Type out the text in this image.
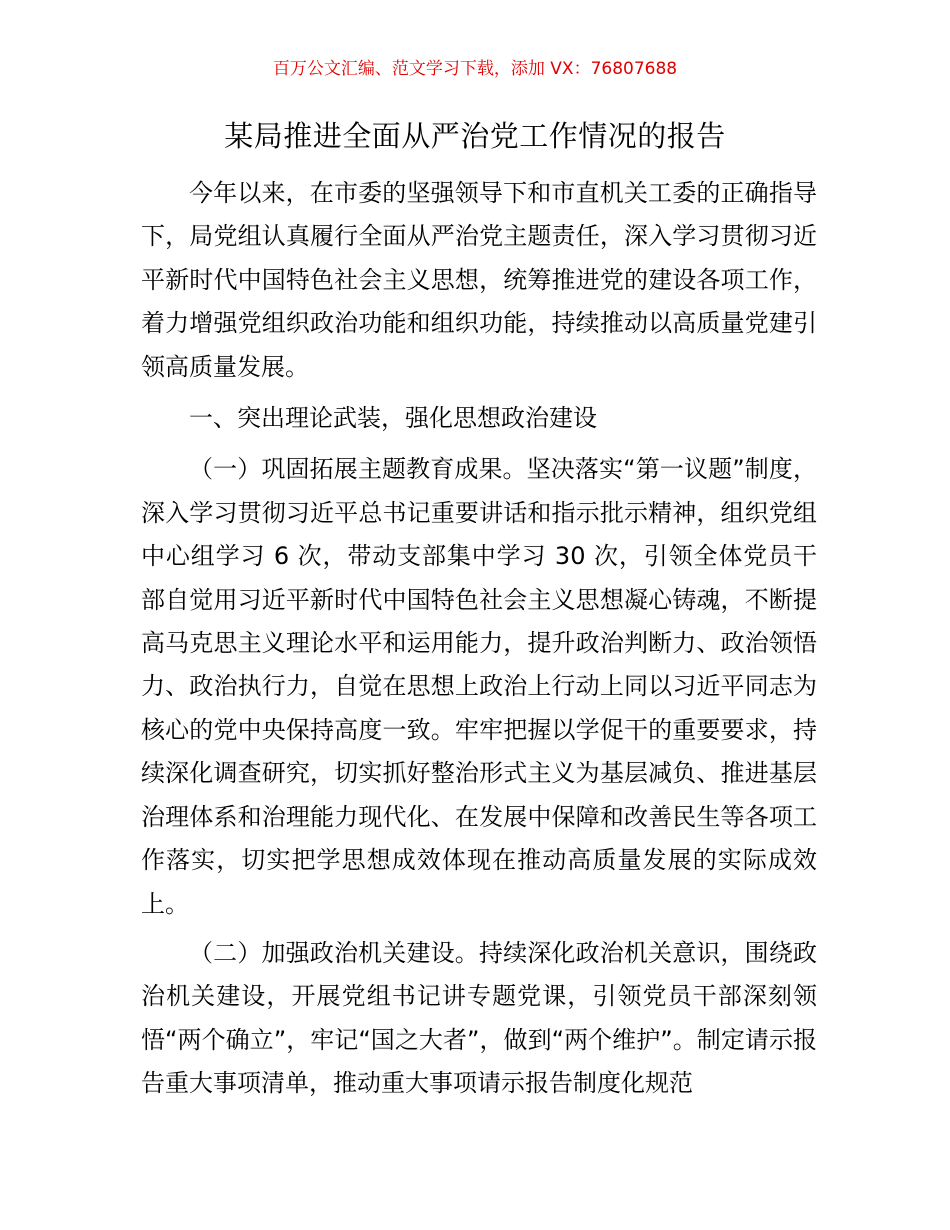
百万公文汇编、范文学习下载，添加 VX：76807688
某局推进全面从严治党工作情况的报告

今年以来，在市委的坚强领导下和市直机关工委的正确指导下，局党组认真履行全面从严治党主题责任，深入学习贯彻习近平新时代中国特色社会主义思想，统筹推进党的建设各项工作，着力增强党组织政治功能和组织功能，持续推动以高质量党建引领高质量发展。

一、突出理论武装，强化思想政治建设

（一）巩固拓展主题教育成果。坚决落实“第一议题”制度，深入学习贯彻习近平总书记重要讲话和指示批示精神，组织党组中心组学习 6 次，带动支部集中学习 30 次，引领全体党员干部自觉用习近平新时代中国特色社会主义思想凝心铸魂，不断提高马克思主义理论水平和运用能力，提升政治判断力、政治领悟力、政治执行力，自觉在思想上政治上行动上同以习近平同志为核心的党中央保持高度一致。牢牢把握以学促干的重要要求，持续深化调查研究，切实抓好整治形式主义为基层减负、推进基层治理体系和治理能力现代化、在发展中保障和改善民生等各项工作落实，切实把学思想成效体现在推动高质量发展的实际成效上。

（二）加强政治机关建设。持续深化政治机关意识，围绕政治机关建设，开展党组书记讲专题党课，引领党员干部深刻领悟“两个确立”，牢记“国之大者”，做到“两个维护”。制定请示报告重大事项清单，推动重大事项请示报告制度化规范
